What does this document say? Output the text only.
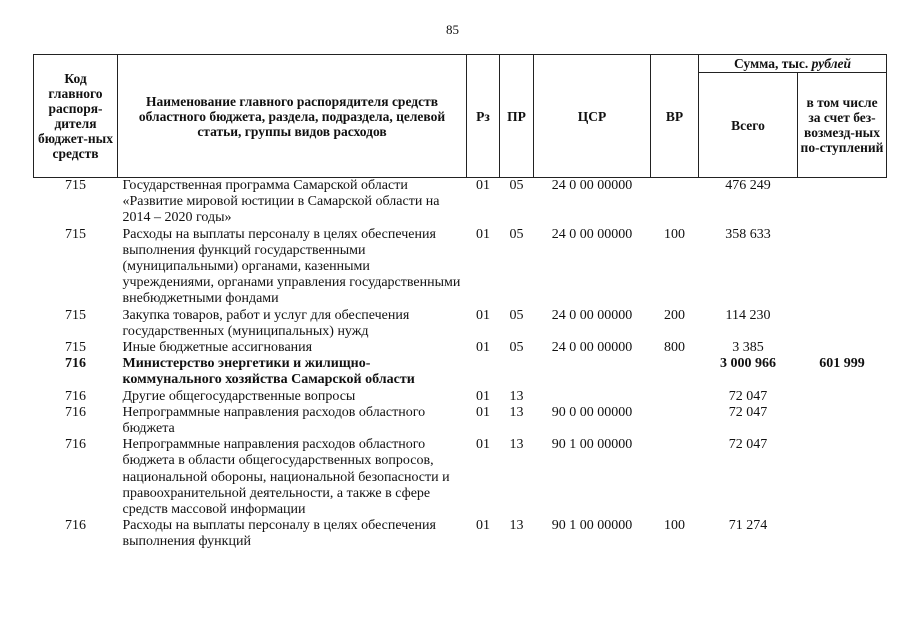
85
Код главного распоря-дителя бюджет-ных средств	Наименование главного распорядителя средств областного бюджета, раздела, подраздела, целевой статьи, группы видов расходов	Рз	ПР	ЦСР	ВР	Сумма, тыс. рублей	
						Всего	в том числе за счет без-возмезд-ных по-ступлений
715	Государственная программа Самарской области «Развитие мировой юстиции в Самарской области на 2014 – 2020 годы»	01	05	24 0 00 00000		476 249	
715	Расходы на выплаты персоналу в целях обеспечения выполнения функций государственными (муниципальными) органами, казенными учреждениями, органами управления государственными внебюджетными фондами	01	05	24 0 00 00000	100	358 633	
715	Закупка товаров, работ и услуг для обеспечения государственных (муниципальных) нужд	01	05	24 0 00 00000	200	114 230	
715	Иные бюджетные ассигнования	01	05	24 0 00 00000	800	3 385	
716	Министерство энергетики и жилищно-коммунального хозяйства Самарской области					3 000 966	601 999
716	Другие общегосударственные вопросы	01	13			72 047	
716	Непрограммные направления расходов областного бюджета	01	13	90 0 00 00000		72 047	
716	Непрограммные направления расходов областного бюджета в области общегосударственных вопросов, национальной обороны, национальной безопасности и правоохранительной деятельности, а также в сфере средств массовой информации	01	13	90 1 00 00000		72 047	
716	Расходы на выплаты персоналу в целях обеспечения выполнения функций	01	13	90 1 00 00000	100	71 274	
